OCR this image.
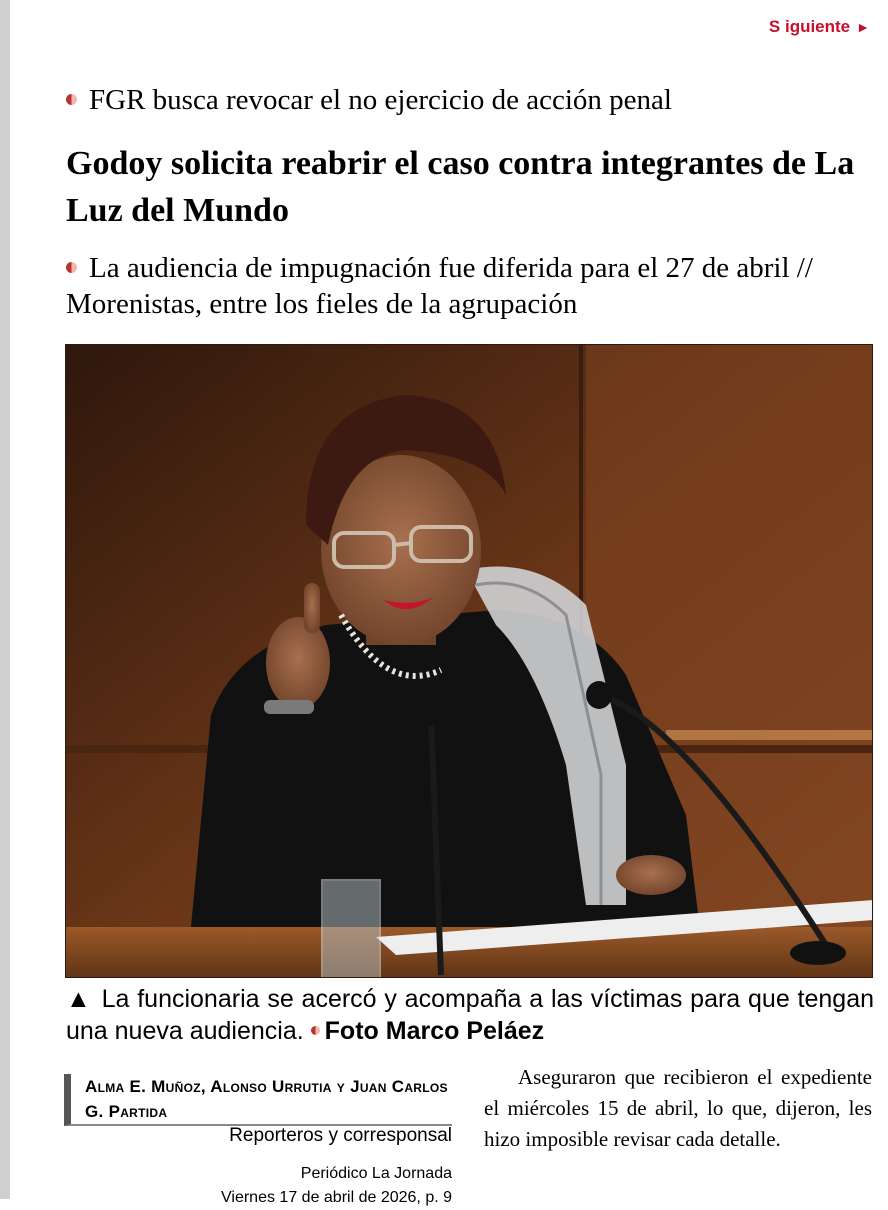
S iguiente ►
FGR busca revocar el no ejercicio de acción penal
Godoy solicita reabrir el caso contra integrantes de La Luz del Mundo
La audiencia de impugnación fue diferida para el 27 de abril // Morenistas, entre los fieles de la agrupación
▲ La funcionaria se acercó y acompaña a las víctimas para que tengan una nueva audiencia. Foto Marco Peláez
Alma E. Muñoz, Alonso Urrutia y Juan Carlos G. Partida
Reporteros y corresponsal
Periódico La Jornada
Viernes 17 de abril de 2026, p. 9

Aseguraron que recibieron el expediente el miércoles 15 de abril, lo que, dijeron, les hizo imposible revisar cada detalle.
